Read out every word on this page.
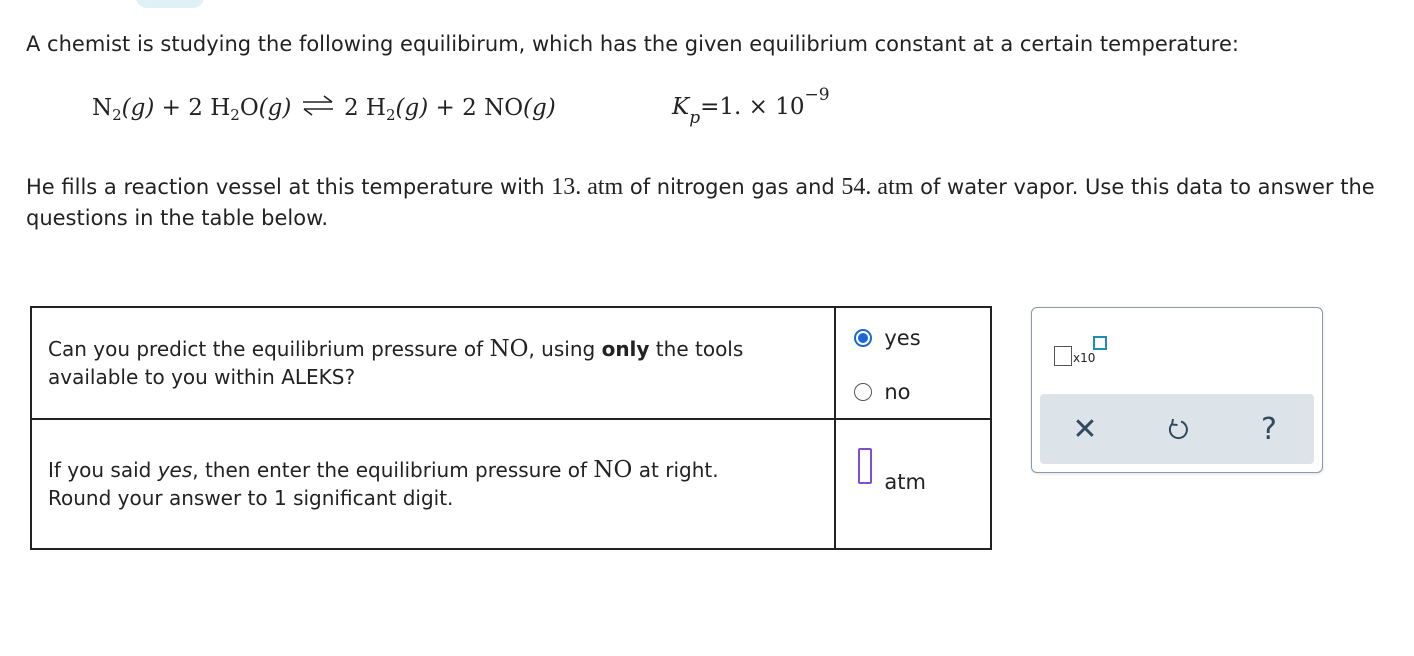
A chemist is studying the following equilibirum, which has the given equilibrium constant at a certain temperature:
$N_2(g) + 2$ $H_2O(g)$ ⇌ 2 $H_2(g) + 2$ NO(g)	$K_p=1$. × $10^{-9}$
He fills a reaction vessel at this temperature with 13. atm of nitrogen gas and 54. atm of water vapor. Use this data to answer the questions in the table below.
Can you predict the equilibrium pressure of NO, using only the tools available to you within ALEKS?	yes
no

If you said yes, then enter the equilibrium pressure of NO at right.
Round your answer to 1 significant digit.	atm
x10
✕	?
